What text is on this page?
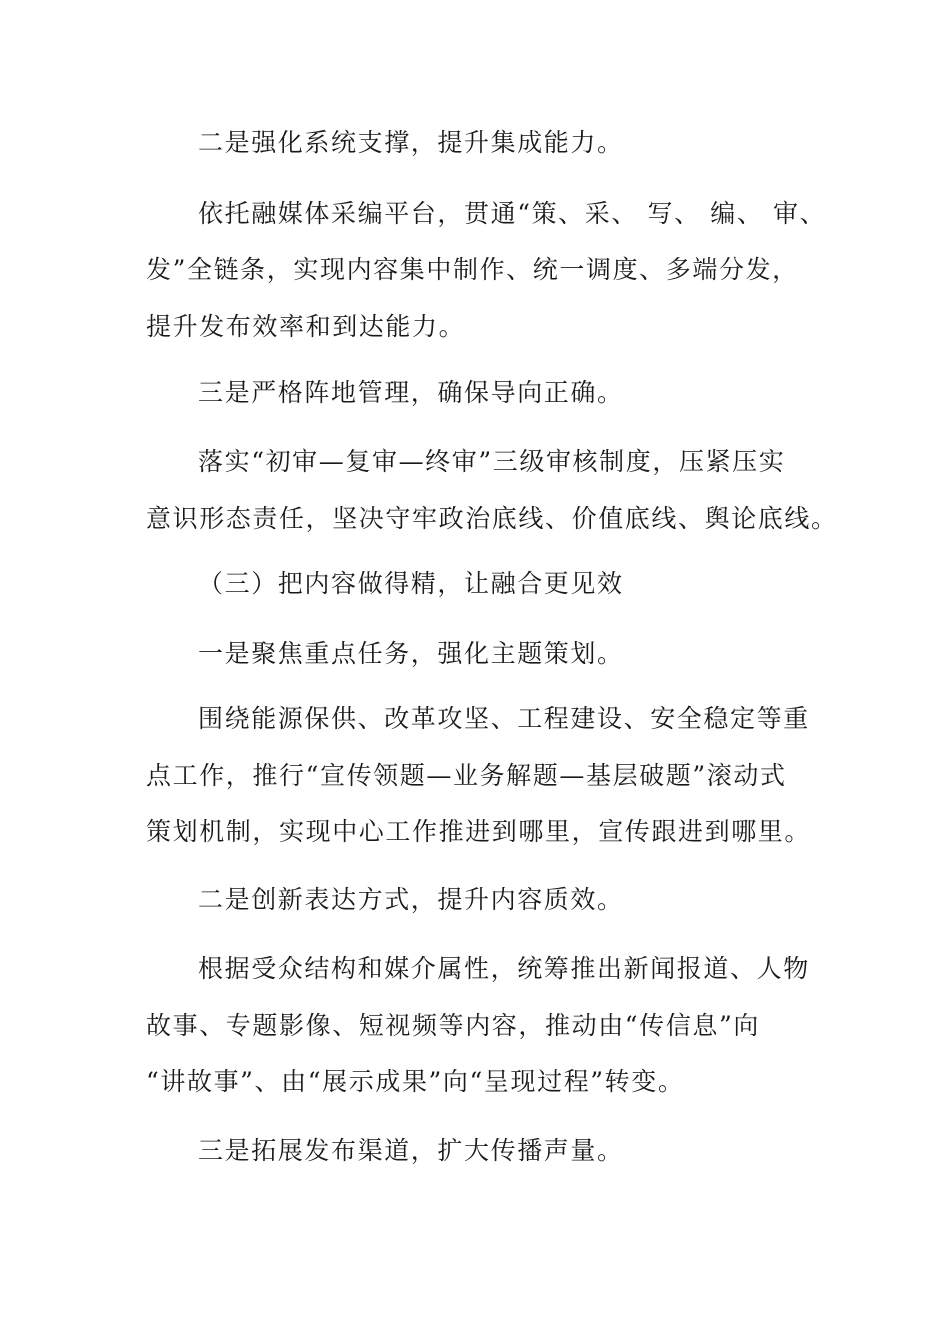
二是强化系统支撑，提升集成能力。

依托融媒体采编平台，贯通“策、采、 写、 编、 审、

发”全链条，实现内容集中制作、统一调度、多端分发，

提升发布效率和到达能力。

三是严格阵地管理，确保导向正确。

落实“初审—复审—终审”三级审核制度，压紧压实

意识形态责任，坚决守牢政治底线、价值底线、舆论底线。

（三）把内容做得精，让融合更见效

一是聚焦重点任务，强化主题策划。

围绕能源保供、改革攻坚、工程建设、安全稳定等重

点工作，推行“宣传领题—业务解题—基层破题”滚动式

策划机制，实现中心工作推进到哪里，宣传跟进到哪里。

二是创新表达方式，提升内容质效。

根据受众结构和媒介属性，统筹推出新闻报道、人物

故事、专题影像、短视频等内容，推动由“传信息”向

“讲故事”、由“展示成果”向“呈现过程”转变。

三是拓展发布渠道，扩大传播声量。
